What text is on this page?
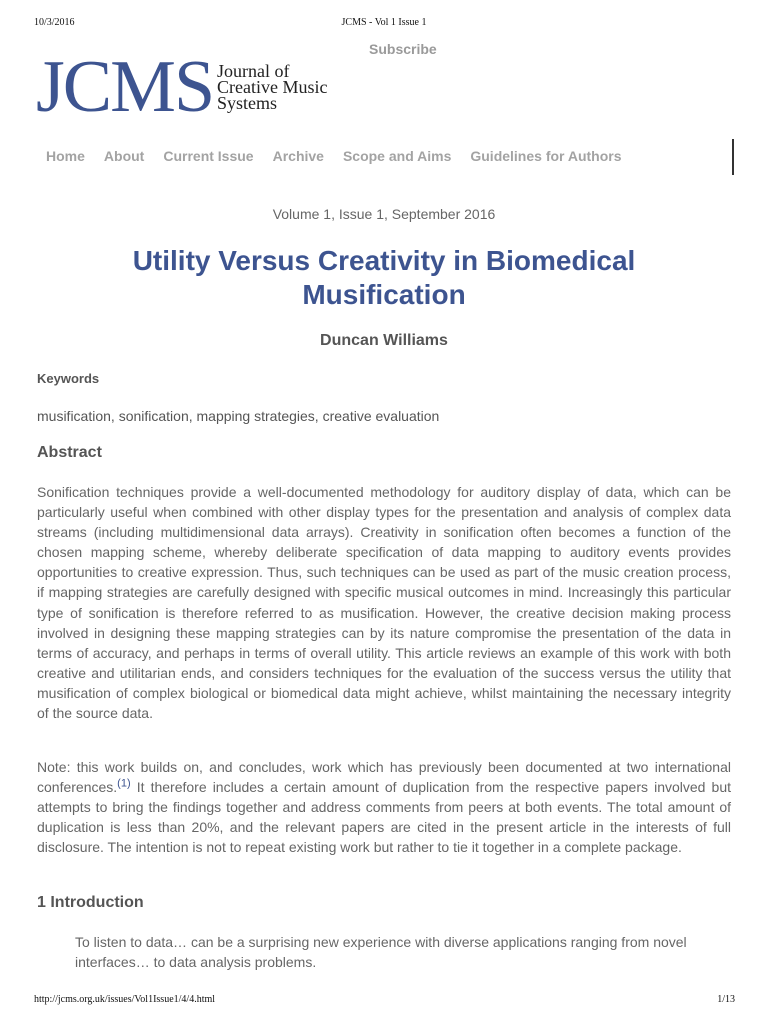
10/3/2016	JCMS - Vol 1 Issue 1
Subscribe
JCMS Journal of
Creative Music
Systems
Home About Current Issue Archive Scope and Aims Guidelines for Authors
Volume 1, Issue 1, September 2016
Utility Versus Creativity in Biomedical Musification
Duncan Williams
Keywords
musification, sonification, mapping strategies, creative evaluation
Abstract

Sonification techniques provide a well-documented methodology for auditory display of data, which can be particularly useful when combined with other display types for the presentation and analysis of complex data streams (including multidimensional data arrays). Creativity in sonification often becomes a function of the chosen mapping scheme, whereby deliberate specification of data mapping to auditory events provides opportunities to creative expression. Thus, such techniques can be used as part of the music creation process, if mapping strategies are carefully designed with specific musical outcomes in mind. Increasingly this particular type of sonification is therefore referred to as musification. However, the creative decision making process involved in designing these mapping strategies can by its nature compromise the presentation of the data in terms of accuracy, and perhaps in terms of overall utility. This article reviews an example of this work with both creative and utilitarian ends, and considers techniques for the evaluation of the success versus the utility that musification of complex biological or biomedical data might achieve, whilst maintaining the necessary integrity of the source data.

Note: this work builds on, and concludes, work which has previously been documented at two international conferences.$^{(1)}$ It therefore includes a certain amount of duplication from the respective papers involved but attempts to bring the findings together and address comments from peers at both events. The total amount of duplication is less than 20%, and the relevant papers are cited in the present article in the interests of full disclosure. The intention is not to repeat existing work but rather to tie it together in a complete package.

1 Introduction

To listen to data… can be a surprising new experience with diverse applications ranging from novel interfaces… to data analysis problems.

http://jcms.org.uk/issues/Vol1Issue1/4/4.html	1/13
